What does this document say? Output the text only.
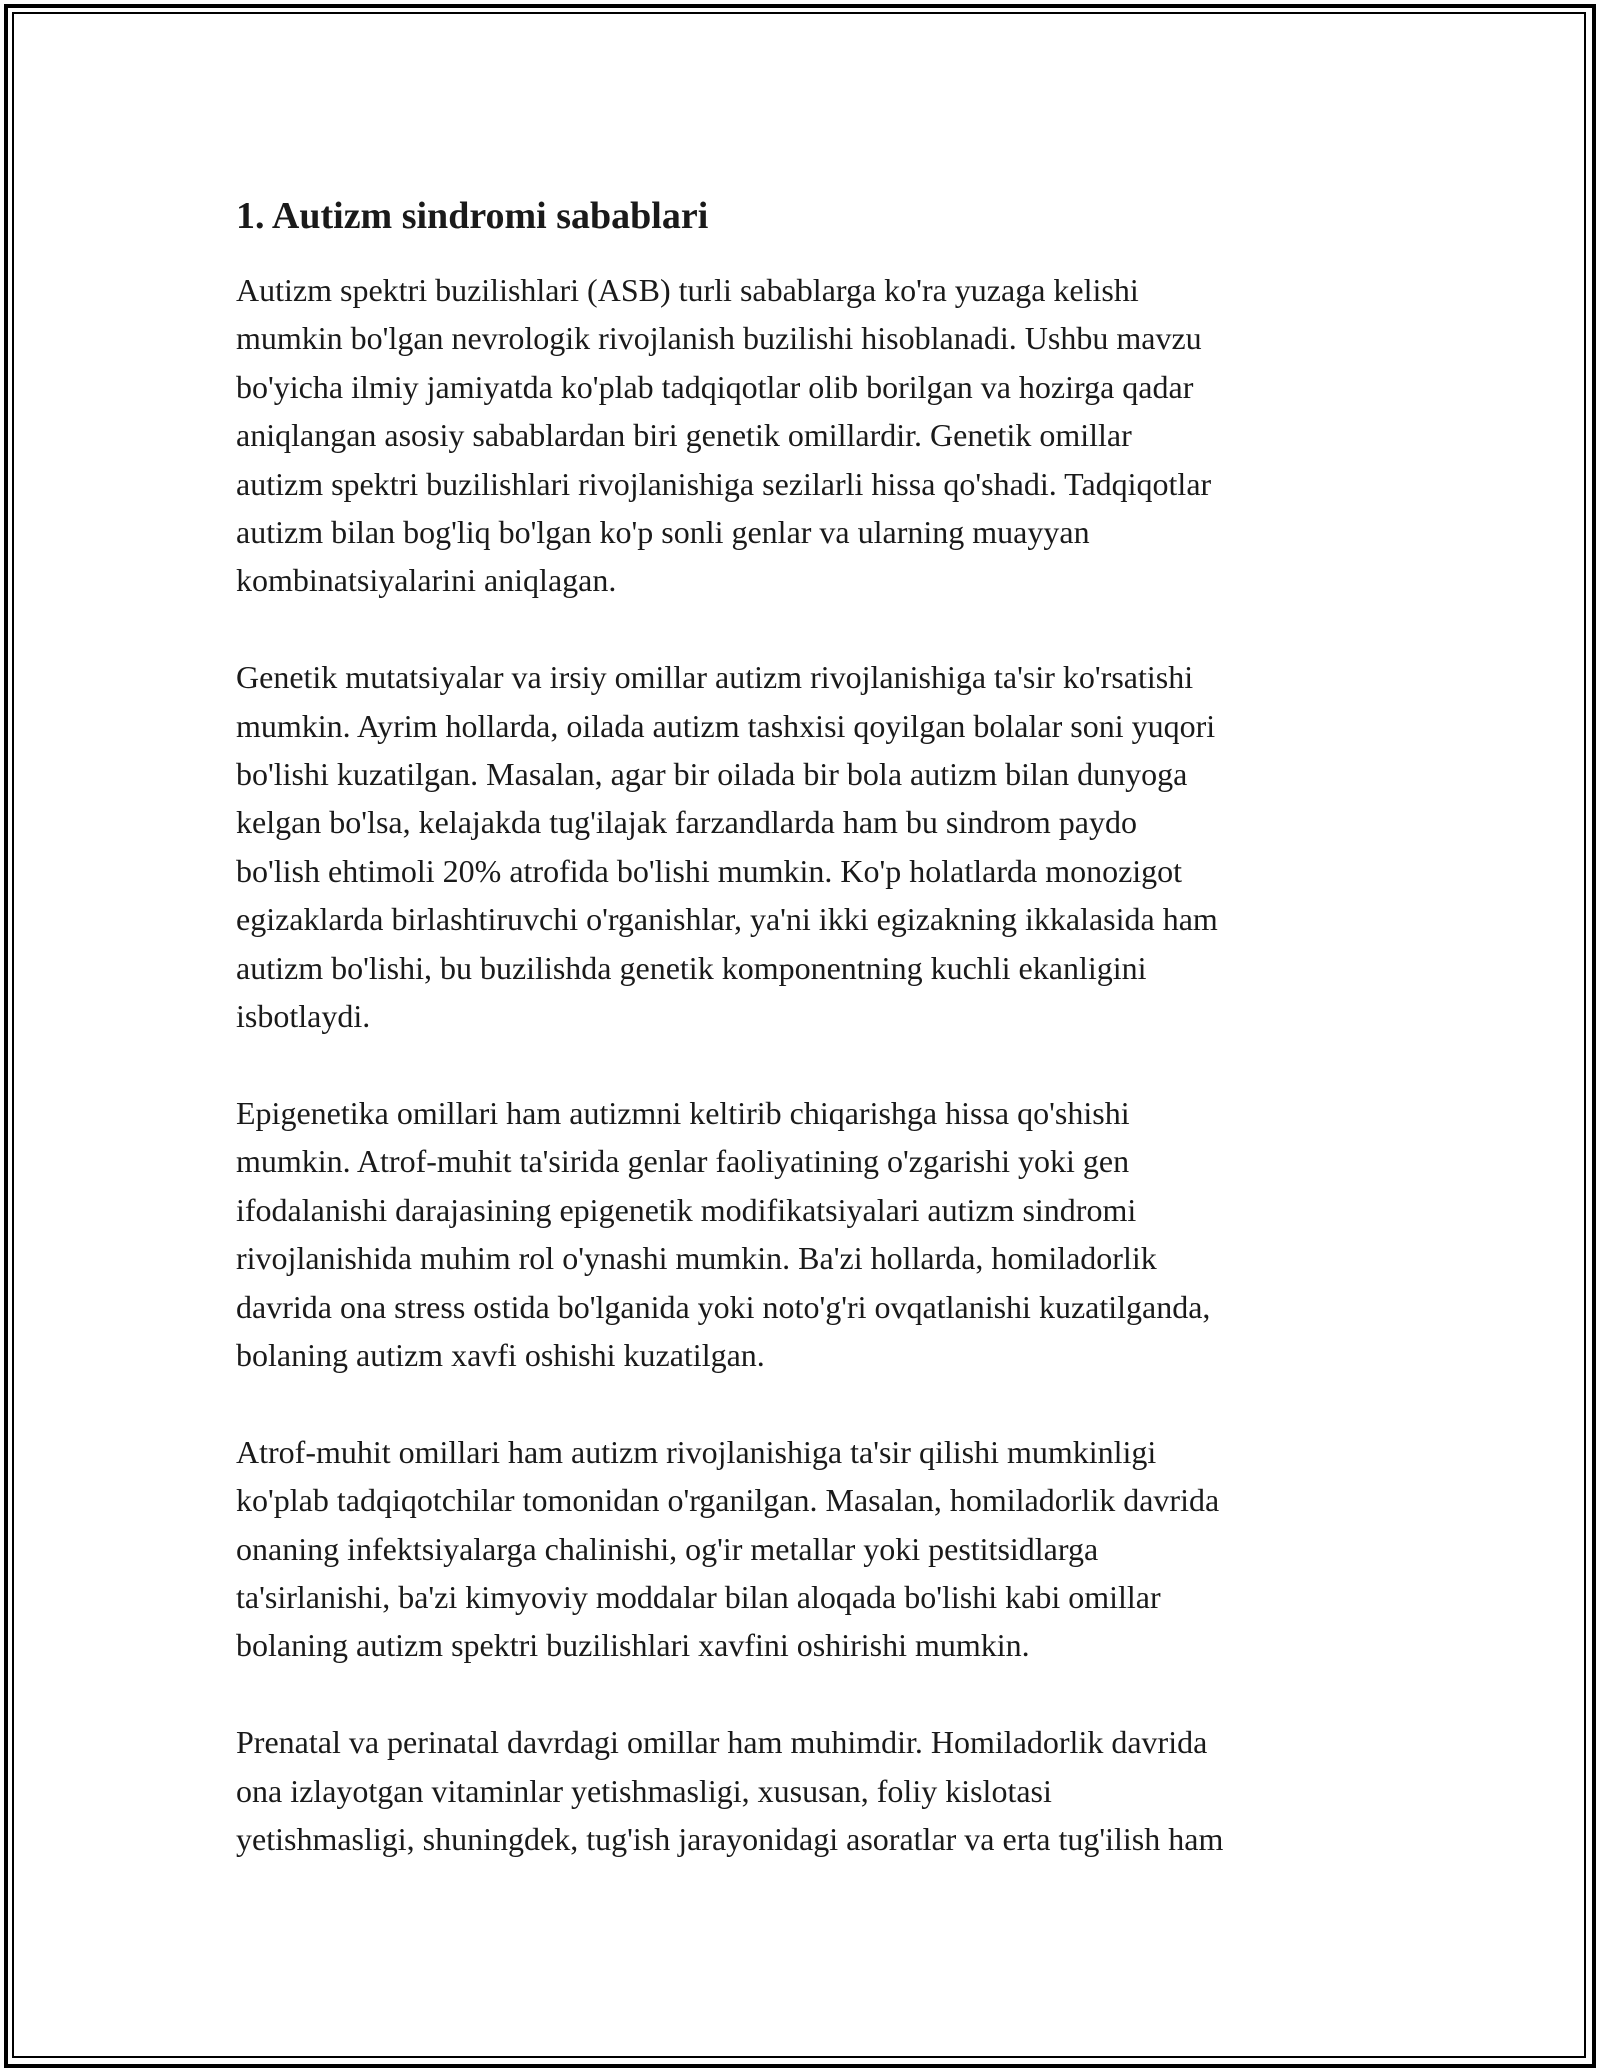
1. Autizm sindromi sabablari
Autizm spektri buzilishlari (ASB) turli sabablarga ko'ra yuzaga kelishi
mumkin bo'lgan nevrologik rivojlanish buzilishi hisoblanadi. Ushbu mavzu
bo'yicha ilmiy jamiyatda ko'plab tadqiqotlar olib borilgan va hozirga qadar
aniqlangan asosiy sabablardan biri genetik omillardir. Genetik omillar
autizm spektri buzilishlari rivojlanishiga sezilarli hissa qo'shadi. Tadqiqotlar
autizm bilan bog'liq bo'lgan ko'p sonli genlar va ularning muayyan
kombinatsiyalarini aniqlagan.
Genetik mutatsiyalar va irsiy omillar autizm rivojlanishiga ta'sir ko'rsatishi
mumkin. Ayrim hollarda, oilada autizm tashxisi qoyilgan bolalar soni yuqori
bo'lishi kuzatilgan. Masalan, agar bir oilada bir bola autizm bilan dunyoga
kelgan bo'lsa, kelajakda tug'ilajak farzandlarda ham bu sindrom paydo
bo'lish ehtimoli 20% atrofida bo'lishi mumkin. Ko'p holatlarda monozigot
egizaklarda birlashtiruvchi o'rganishlar, ya'ni ikki egizakning ikkalasida ham
autizm bo'lishi, bu buzilishda genetik komponentning kuchli ekanligini
isbotlaydi.
Epigenetika omillari ham autizmni keltirib chiqarishga hissa qo'shishi
mumkin. Atrof-muhit ta'sirida genlar faoliyatining o'zgarishi yoki gen
ifodalanishi darajasining epigenetik modifikatsiyalari autizm sindromi
rivojlanishida muhim rol o'ynashi mumkin. Ba'zi hollarda, homiladorlik
davrida ona stress ostida bo'lganida yoki noto'g'ri ovqatlanishi kuzatilganda,
bolaning autizm xavfi oshishi kuzatilgan.
Atrof-muhit omillari ham autizm rivojlanishiga ta'sir qilishi mumkinligi
ko'plab tadqiqotchilar tomonidan o'rganilgan. Masalan, homiladorlik davrida
onaning infektsiyalarga chalinishi, og'ir metallar yoki pestitsidlarga
ta'sirlanishi, ba'zi kimyoviy moddalar bilan aloqada bo'lishi kabi omillar
bolaning autizm spektri buzilishlari xavfini oshirishi mumkin.
Prenatal va perinatal davrdagi omillar ham muhimdir. Homiladorlik davrida
ona izlayotgan vitaminlar yetishmasligi, xususan, foliy kislotasi
yetishmasligi, shuningdek, tug'ish jarayonidagi asoratlar va erta tug'ilish ham
